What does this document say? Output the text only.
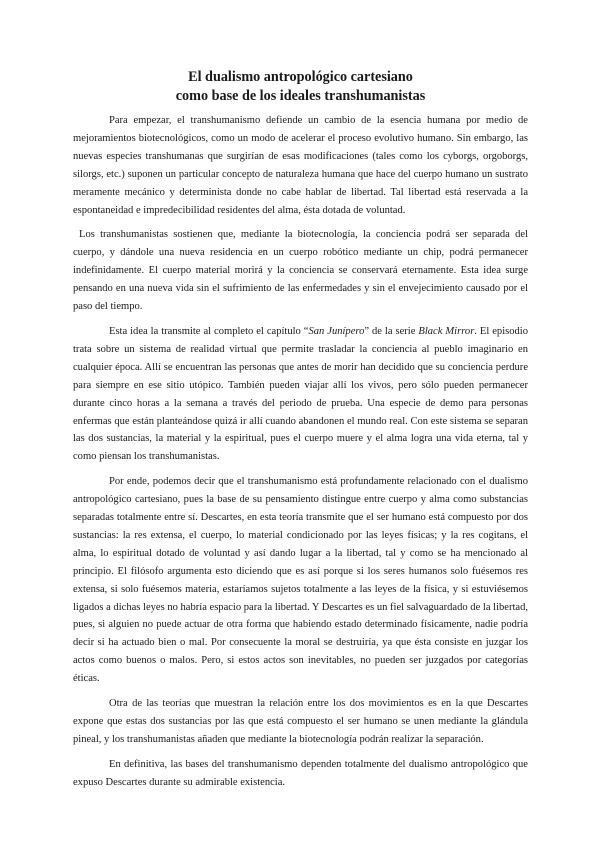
El dualismo antropológico cartesiano
como base de los ideales transhumanistas

Para empezar, el transhumanismo defiende un cambio de la esencia humana por medio de mejoramientos biotecnológicos, como un modo de acelerar el proceso evolutivo humano. Sin embargo, las nuevas especies transhumanas que surgirían de esas modificaciones (tales como los cyborgs, orgoborgs, silorgs, etc.) suponen un particular concepto de naturaleza humana que hace del cuerpo humano un sustrato meramente mecánico y determinista donde no cabe hablar de libertad. Tal libertad está reservada a la espontaneidad e impredecibilidad residentes del alma, ésta dotada de voluntad.

Los transhumanistas sostienen que, mediante la biotecnología, la conciencia podrá ser separada del cuerpo, y dándole una nueva residencia en un cuerpo robótico mediante un chip, podrá permanecer indefinidamente. El cuerpo material morirá y la conciencia se conservará eternamente. Esta idea surge pensando en una nueva vida sin el sufrimiento de las enfermedades y sin el envejecimiento causado por el paso del tiempo.

Esta idea la transmite al completo el capítulo “San Junípero” de la serie Black Mirror. El episodio trata sobre un sistema de realidad virtual que permite trasladar la conciencia al pueblo imaginario en cualquier época. Allí se encuentran las personas que antes de morir han decidido que su conciencia perdure para siempre en ese sitio utópico. También pueden viajar allí los vivos, pero sólo pueden permanecer durante cinco horas a la semana a través del periodo de prueba. Una especie de demo para personas enfermas que están planteándose quizá ir allí cuando abandonen el mundo real. Con este sistema se separan las dos sustancias, la material y la espiritual, pues el cuerpo muere y el alma logra una vida eterna, tal y como piensan los transhumanistas.

Por ende, podemos decir que el transhumanismo está profundamente relacionado con el dualismo antropológico cartesiano, pues la base de su pensamiento distingue entre cuerpo y alma como substancias separadas totalmente entre sí. Descartes, en esta teoría transmite que el ser humano está compuesto por dos sustancias: la res extensa, el cuerpo, lo material condicionado por las leyes físicas; y la res cogitans, el alma, lo espiritual dotado de voluntad y así dando lugar a la libertad, tal y como se ha mencionado al principio. El filósofo argumenta esto diciendo que es así porque si los seres humanos solo fuésemos res extensa, si solo fuésemos materia, estaríamos sujetos totalmente a las leyes de la física, y si estuviésemos ligados a dichas leyes no habría espacio para la libertad. Y Descartes es un fiel salvaguardado de la libertad, pues, si alguien no puede actuar de otra forma que habiendo estado determinado físicamente, nadie podría decir si ha actuado bien o mal. Por consecuente la moral se destruiría, ya que ésta consiste en juzgar los actos como buenos o malos. Pero, si estos actos son inevitables, no pueden ser juzgados por categorías éticas.

Otra de las teorías que muestran la relación entre los dos movimientos es en la que Descartes expone que estas dos sustancias por las que está compuesto el ser humano se unen mediante la glándula pineal, y los transhumanistas añaden que mediante la biotecnología podrán realizar la separación.

En definitiva, las bases del transhumanismo dependen totalmente del dualismo antropológico que expuso Descartes durante su admirable existencia.
